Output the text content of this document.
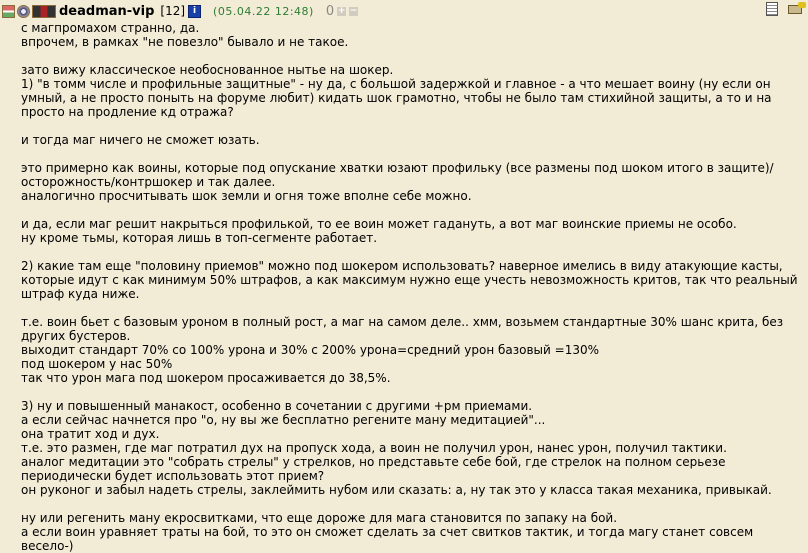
deadman-vip [12] i	(05.04.22 12:48) 0 + −

с магпромахом странно, да.

впрочем, в рамках "не повезло" бывало и не такое.

зато вижу классическое необоснованное нытье на шокер.

1) "в томм числе и профильные защитные" - ну да, с большой задержкой и главное - а что мешает воину (ну если он умный, а не просто поныть на форуме любит) кидать шок грамотно, чтобы не было там стихийной защиты, а то и на просто на продление кд отража?

и тогда маг ничего не сможет юзать.

это примерно как воины, которые под опускание хватки юзают профильку (все размены под шоком итого в защите)/ осторожность/контршокер и так далее.

аналогично просчитывать шок земли и огня тоже вполне себе можно.

и да, если маг решит накрыться профилькой, то ее воин может гадануть, а вот маг воинские приемы не особо.

ну кроме тьмы, которая лишь в топ-сегменте работает.

2) какие там еще "половину приемов" можно под шокером использовать? наверное имелись в виду атакующие касты, которые идут с как минимум 50% штрафов, а как максимум нужно еще учесть невозможность критов, так что реальный штраф куда ниже.

т.е. воин бьет с базовым уроном в полный рост, а маг на самом деле.. хмм, возьмем стандартные 30% шанс крита, без других бустеров.

выходит стандарт 70% со 100% урона и 30% с 200% урона=средний урон базовый =130%

под шокером у нас 50%

так что урон мага под шокером просаживается до 38,5%.

3) ну и повышенный манакост, особенно в сочетании с другими +рм приемами.

а если сейчас начнется про "о, ну вы же бесплатно регените ману медитацией"...

она тратит ход и дух.

т.е. это размен, где маг потратил дух на пропуск хода, а воин не получил урон, нанес урон, получил тактики.

аналог медитации это "собрать стрелы" у стрелков, но представьте себе бой, где стрелок на полном серьезе периодически будет использовать этот прием?

он руконог и забыл надеть стрелы, заклеймить нубом или сказать: а, ну так это у класса такая механика, привыкай.

ну или регенить ману екросвитками, что еще дороже для мага становится по запаку на бой.

а если воин уравняет траты на бой, то это он сможет сделать за счет свитков тактик, и тогда магу станет совсем весело-)
